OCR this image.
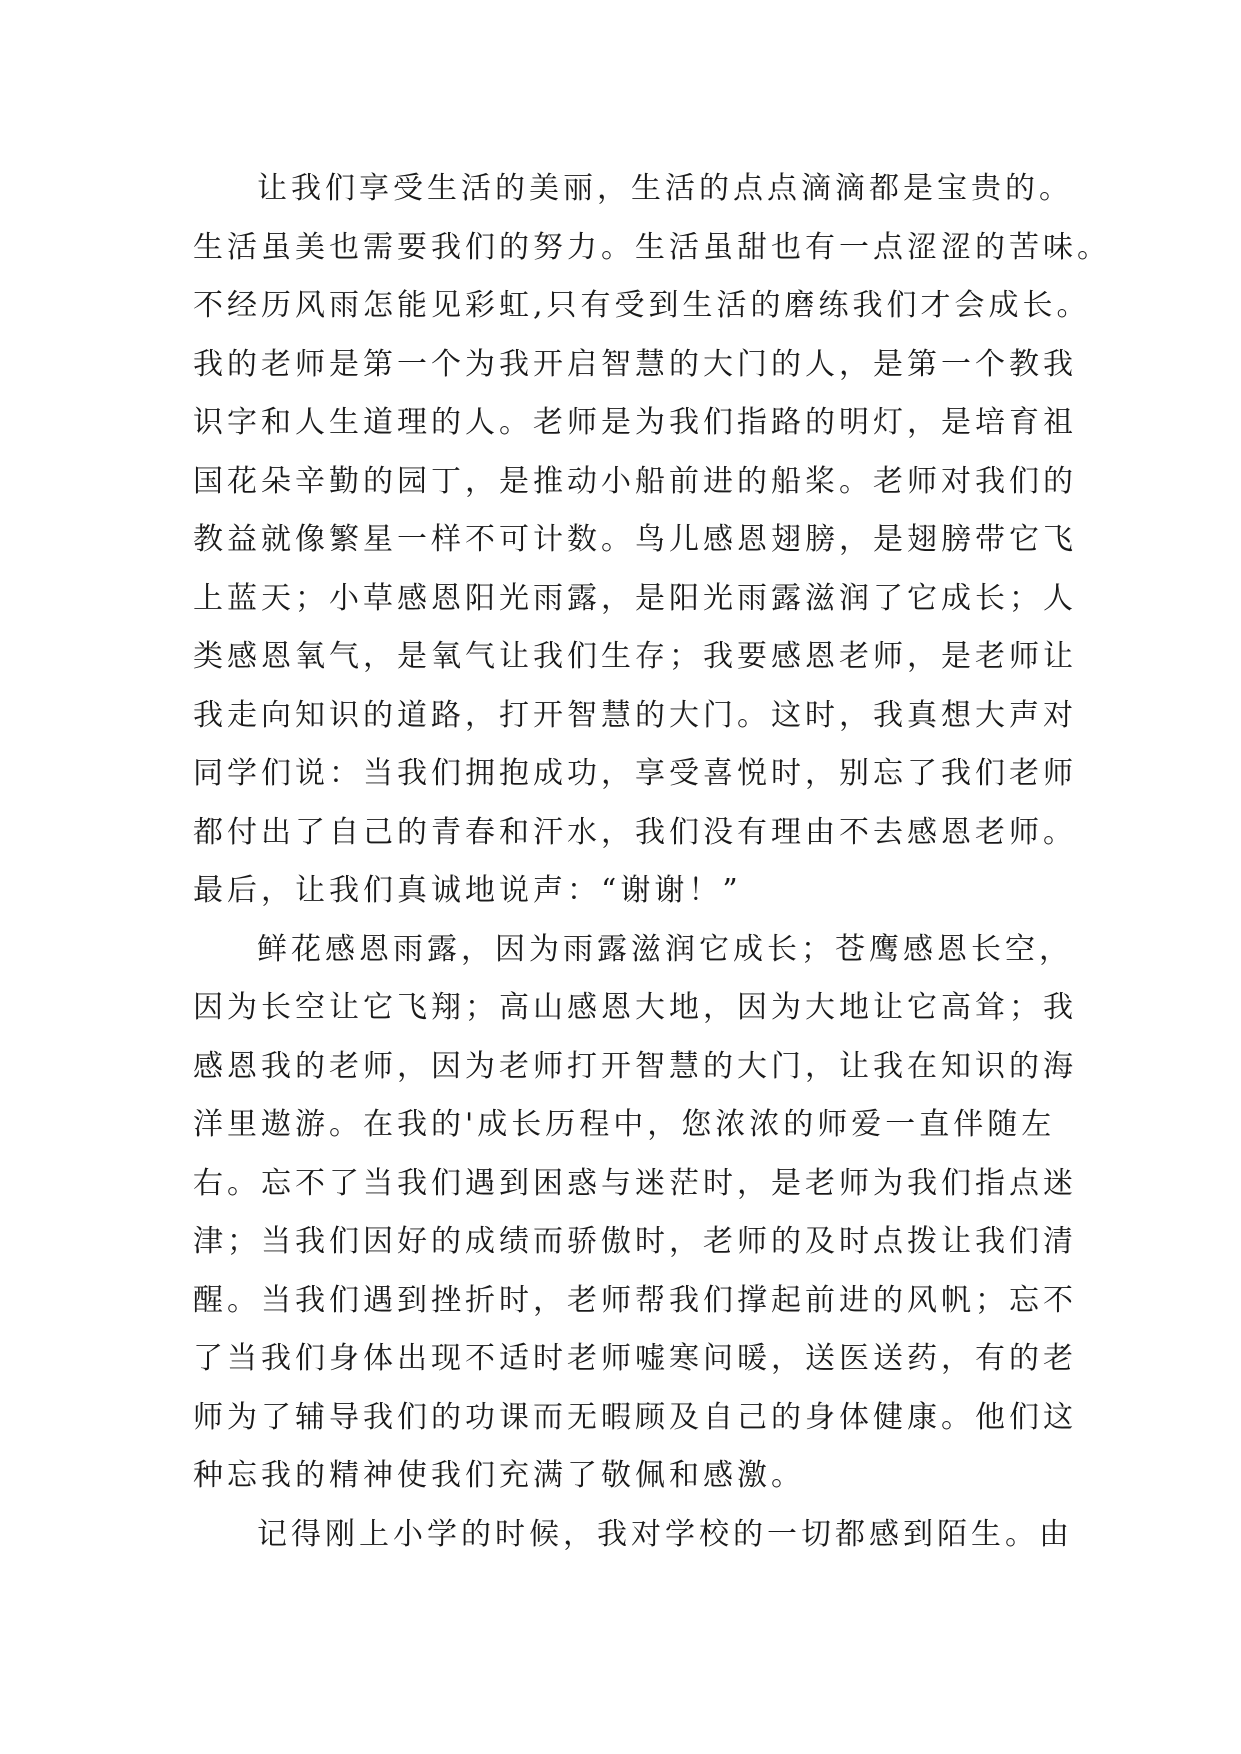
让我们享受生活的美丽，生活的点点滴滴都是宝贵的。
生活虽美也需要我们的努力。生活虽甜也有一点涩涩的苦味。
不经历风雨怎能见彩虹,只有受到生活的磨练我们才会成长。
我的老师是第一个为我开启智慧的大门的人，是第一个教我
识字和人生道理的人。老师是为我们指路的明灯，是培育祖
国花朵辛勤的园丁，是推动小船前进的船桨。老师对我们的
教益就像繁星一样不可计数。鸟儿感恩翅膀，是翅膀带它飞
上蓝天；小草感恩阳光雨露，是阳光雨露滋润了它成长；人
类感恩氧气，是氧气让我们生存；我要感恩老师，是老师让
我走向知识的道路，打开智慧的大门。这时，我真想大声对
同学们说：当我们拥抱成功，享受喜悦时，别忘了我们老师
都付出了自己的青春和汗水，我们没有理由不去感恩老师。
最后，让我们真诚地说声：“谢谢！”
鲜花感恩雨露，因为雨露滋润它成长；苍鹰感恩长空，
因为长空让它飞翔；高山感恩大地，因为大地让它高耸；我
感恩我的老师，因为老师打开智慧的大门，让我在知识的海
洋里遨游。在我的'成长历程中，您浓浓的师爱一直伴随左
右。忘不了当我们遇到困惑与迷茫时，是老师为我们指点迷
津；当我们因好的成绩而骄傲时，老师的及时点拨让我们清
醒。当我们遇到挫折时，老师帮我们撑起前进的风帆；忘不
了当我们身体出现不适时老师嘘寒问暖，送医送药，有的老
师为了辅导我们的功课而无暇顾及自己的身体健康。他们这
种忘我的精神使我们充满了敬佩和感激。
记得刚上小学的时候，我对学校的一切都感到陌生。由
